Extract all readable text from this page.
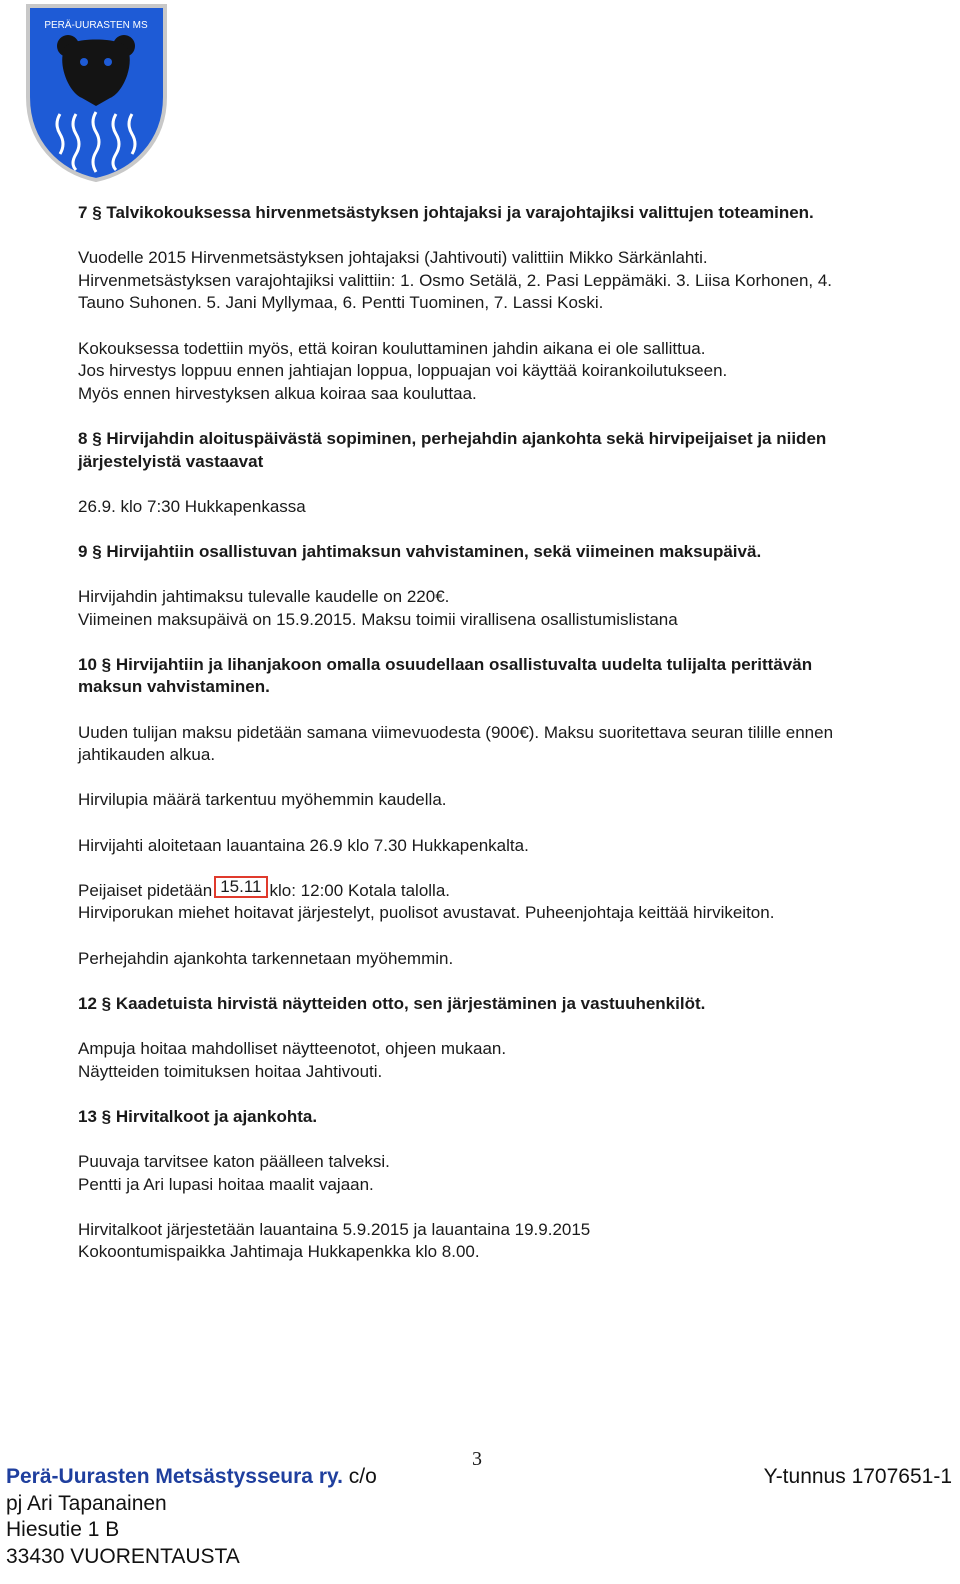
PERÄ-UURASTEN MS
7 § Talvikokouksessa hirvenmetsästyksen johtajaksi ja varajohtajiksi valittujen toteaminen.
Vuodelle 2015 Hirvenmetsästyksen johtajaksi (Jahtivouti) valittiin Mikko Särkänlahti.
Hirvenmetsästyksen varajohtajiksi valittiin: 1. Osmo Setälä, 2. Pasi Leppämäki. 3. Liisa Korhonen, 4. Tauno Suhonen. 5. Jani Myllymaa, 6. Pentti Tuominen, 7. Lassi Koski.
Kokouksessa todettiin myös, että koiran kouluttaminen jahdin aikana ei ole sallittua.
Jos hirvestys loppuu ennen jahtiajan loppua, loppuajan voi käyttää koirankoilutukseen.
Myös ennen hirvestyksen alkua koiraa saa kouluttaa.
8 § Hirvijahdin aloituspäivästä sopiminen, perhejahdin ajankohta sekä hirvipeijaiset ja niiden järjestelyistä vastaavat
26.9. klo 7:30 Hukkapenkassa
9 § Hirvijahtiin osallistuvan jahtimaksun vahvistaminen, sekä viimeinen maksupäivä.
Hirvijahdin jahtimaksu tulevalle kaudelle on 220€.
Viimeinen maksupäivä on 15.9.2015. Maksu toimii virallisena osallistumislistana
10 § Hirvijahtiin ja lihanjakoon omalla osuudellaan osallistuvalta uudelta tulijalta perittävän maksun vahvistaminen.
Uuden tulijan maksu pidetään samana viimevuodesta (900€). Maksu suoritettava seuran tilille ennen jahtikauden alkua.
Hirvilupia määrä tarkentuu myöhemmin kaudella.
Hirvijahti aloitetaan lauantaina 26.9 klo 7.30 Hukkapenkalta.
Peijaiset pidetään 15.11 klo: 12:00 Kotala talolla.
Hirviporukan miehet hoitavat järjestelyt, puolisot avustavat. Puheenjohtaja keittää hirvikeiton.
Perhejahdin ajankohta tarkennetaan myöhemmin.
12 § Kaadetuista hirvistä näytteiden otto, sen järjestäminen ja vastuuhenkilöt.
Ampuja hoitaa mahdolliset näytteenotot, ohjeen mukaan.
Näytteiden toimituksen hoitaa Jahtivouti.
13 § Hirvitalkoot ja ajankohta.
Puuvaja tarvitsee katon päälleen talveksi.
Pentti ja Ari lupasi hoitaa maalit vajaan.
Hirvitalkoot järjestetään lauantaina 5.9.2015 ja lauantaina 19.9.2015
Kokoontumispaikka Jahtimaja Hukkapenkka klo 8.00.
3
Perä-Uurasten Metsästysseura ry. c/o	Y-tunnus 1707651-1
pj Ari Tapanainen
Hiesutie 1 B
33430 VUORENTAUSTA
